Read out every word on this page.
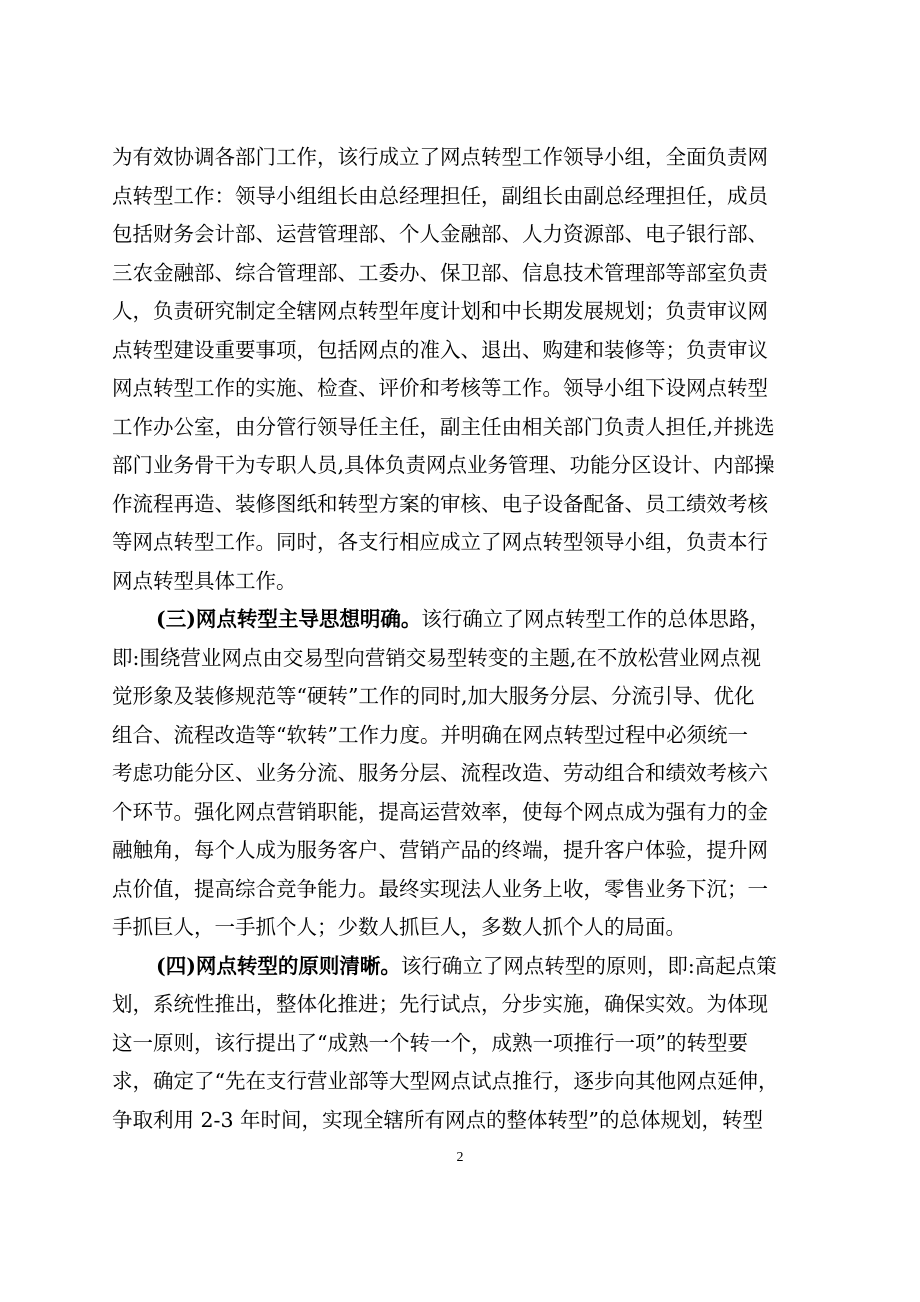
为有效协调各部门工作，该行成立了网点转型工作领导小组，全面负责网
点转型工作：领导小组组长由总经理担任，副组长由副总经理担任，成员
包括财务会计部、运营管理部、个人金融部、人力资源部、电子银行部、
三农金融部、综合管理部、工委办、保卫部、信息技术管理部等部室负责
人，负责研究制定全辖网点转型年度计划和中长期发展规划；负责审议网
点转型建设重要事项，包括网点的准入、退出、购建和装修等；负责审议
网点转型工作的实施、检查、评价和考核等工作。领导小组下设网点转型
工作办公室，由分管行领导任主任，副主任由相关部门负责人担任,并挑选
部门业务骨干为专职人员,具体负责网点业务管理、功能分区设计、内部操
作流程再造、装修图纸和转型方案的审核、电子设备配备、员工绩效考核
等网点转型工作。同时，各支行相应成立了网点转型领导小组，负责本行
网点转型具体工作。
(三)网点转型主导思想明确。该行确立了网点转型工作的总体思路，
即:围绕营业网点由交易型向营销交易型转变的主题,在不放松营业网点视
觉形象及装修规范等“硬转”工作的同时,加大服务分层、分流引导、优化
组合、流程改造等“软转”工作力度。并明确在网点转型过程中必须统一
考虑功能分区、业务分流、服务分层、流程改造、劳动组合和绩效考核六
个环节。强化网点营销职能，提高运营效率，使每个网点成为强有力的金
融触角，每个人成为服务客户、营销产品的终端，提升客户体验，提升网
点价值，提高综合竞争能力。最终实现法人业务上收，零售业务下沉；一
手抓巨人，一手抓个人；少数人抓巨人，多数人抓个人的局面。
(四)网点转型的原则清晰。该行确立了网点转型的原则，即:高起点策
划，系统性推出，整体化推进；先行试点，分步实施，确保实效。为体现
这一原则，该行提出了“成熟一个转一个，成熟一项推行一项”的转型要
求，确定了“先在支行营业部等大型网点试点推行，逐步向其他网点延伸，
争取利用 2-3 年时间，实现全辖所有网点的整体转型”的总体规划，转型
2
